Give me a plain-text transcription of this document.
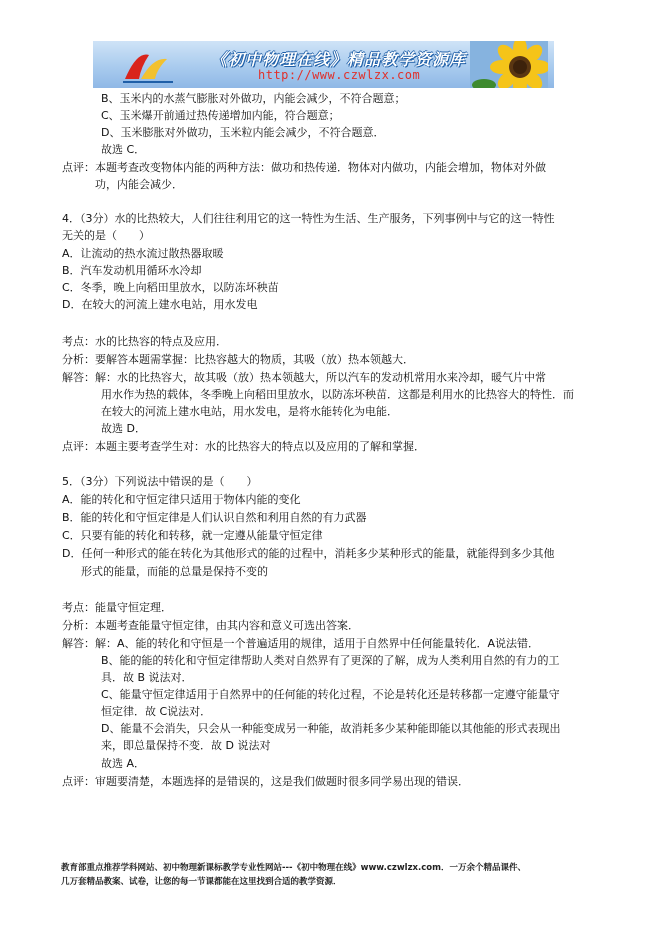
《初中物理在线》精品教学资源库
http://www.czwlzx.com
B、玉米内的水蒸气膨胀对外做功，内能会减少，不符合题意；
C、玉米爆开前通过热传递增加内能，符合题意；
D、玉米膨胀对外做功，玉米粒内能会减少，不符合题意．
故选 C．
点评：本题考查改变物体内能的两种方法：做功和热传递．物体对内做功，内能会增加，物体对外做
功，内能会减少．
4．（3分）水的比热较大，人们往往利用它的这一特性为生活、生产服务，下列事例中与它的这一特性
无关的是（　　）
A．让流动的热水流过散热器取暖
B．汽车发动机用循环水冷却
C．冬季，晚上向稻田里放水，以防冻坏秧苗
D．在较大的河流上建水电站，用水发电
考点：水的比热容的特点及应用．
分析：要解答本题需掌握：比热容越大的物质，其吸（放）热本领越大．
解答：解：水的比热容大，故其吸（放）热本领越大，所以汽车的发动机常用水来冷却，暖气片中常
用水作为热的载体，冬季晚上向稻田里放水，以防冻坏秧苗．这都是利用水的比热容大的特性．而
在较大的河流上建水电站，用水发电，是将水能转化为电能．
故选 D．
点评：本题主要考查学生对：水的比热容大的特点以及应用的了解和掌握．
5．（3分）下列说法中错误的是（　　）
A．能的转化和守恒定律只适用于物体内能的变化
B．能的转化和守恒定律是人们认识自然和利用自然的有力武器
C．只要有能的转化和转移，就一定遵从能量守恒定律
D．任何一种形式的能在转化为其他形式的能的过程中，消耗多少某种形式的能量，就能得到多少其他
形式的能量，而能的总量是保持不变的
考点：能量守恒定理．
分析：本题考查能量守恒定律，由其内容和意义可选出答案．
解答：解：A、能的转化和守恒是一个普遍适用的规律，适用于自然界中任何能量转化．A说法错．
B、能的能的转化和守恒定律帮助人类对自然界有了更深的了解，成为人类利用自然的有力的工
具．故 B 说法对．
C、能量守恒定律适用于自然界中的任何能的转化过程，不论是转化还是转移都一定遵守能量守
恒定律．故 C说法对．
D、能量不会消失，只会从一种能变成另一种能，故消耗多少某种能即能以其他能的形式表现出
来，即总量保持不变．故 D 说法对
故选 A．
点评：审题要清楚，本题选择的是错误的，这是我们做题时很多同学易出现的错误．
教育部重点推荐学科网站、初中物理新课标教学专业性网站---《初中物理在线》www.czwlzx.com．一万余个精品课件、
几万套精品教案、试卷，让您的每一节课都能在这里找到合适的教学资源．
